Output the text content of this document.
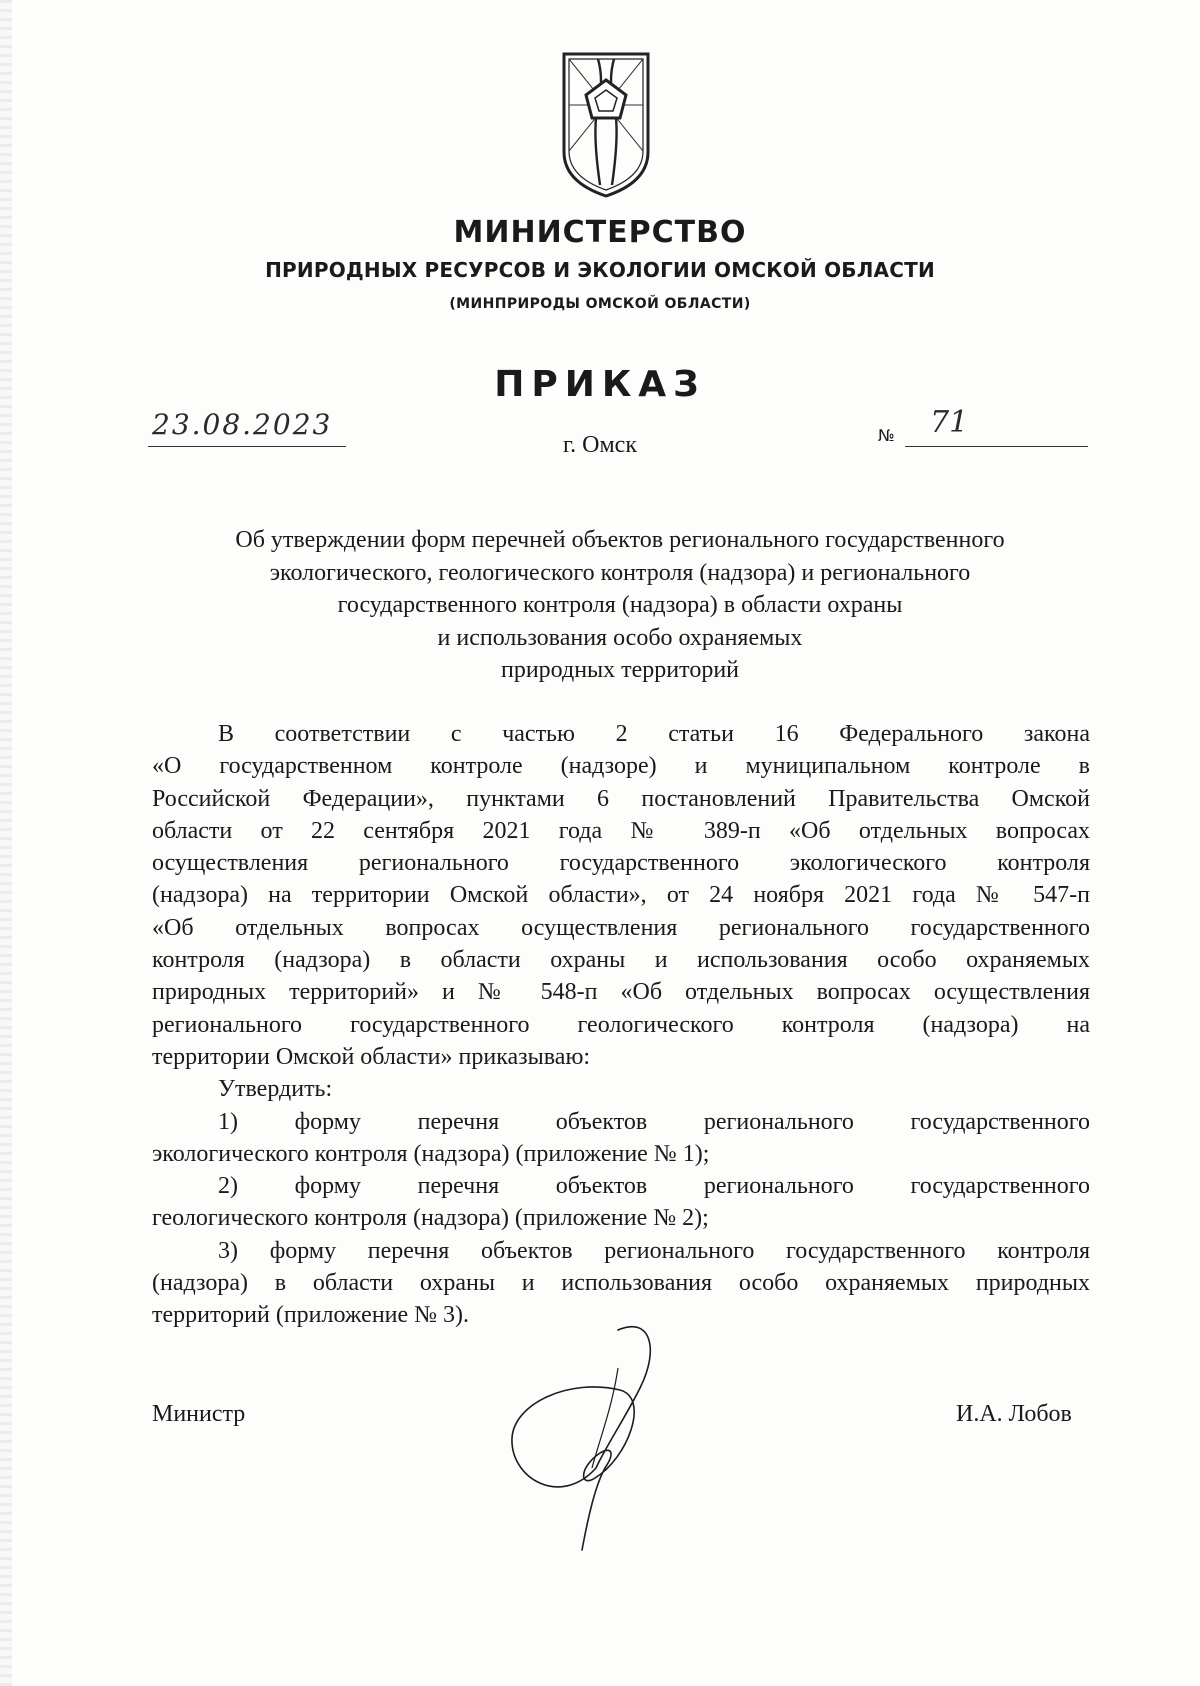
МИНИСТЕРСТВО
ПРИРОДНЫХ РЕСУРСОВ И ЭКОЛОГИИ ОМСКОЙ ОБЛАСТИ
(МИНПРИРОДЫ ОМСКОЙ ОБЛАСТИ)
ПРИКАЗ
23.08.2023
г. Омск	№ 71
Об утверждении форм перечней объектов регионального государственного
экологического, геологического контроля (надзора) и регионального
государственного контроля (надзора) в области охраны
и использования особо охраняемых
природных территорий
В соответствии с частью 2 статьи 16 Федерального закона
«О государственном контроле (надзоре) и муниципальном контроле в
Российской Федерации», пунктами 6 постановлений Правительства Омской
области от 22 сентября 2021 года № 389-п «Об отдельных вопросах
осуществления регионального государственного экологического контроля
(надзора) на территории Омской области», от 24 ноября 2021 года № 547-п
«Об отдельных вопросах осуществления регионального государственного
контроля (надзора) в области охраны и использования особо охраняемых
природных территорий» и № 548-п «Об отдельных вопросах осуществления
регионального государственного геологического контроля (надзора) на
территории Омской области» приказываю:
Утвердить:
1) форму перечня объектов регионального государственного
экологического контроля (надзора) (приложение № 1);
2) форму перечня объектов регионального государственного
геологического контроля (надзора) (приложение № 2);
3) форму перечня объектов регионального государственного контроля
(надзора) в области охраны и использования особо охраняемых природных
территорий (приложение № 3).
Министр	И.А. Лобов
